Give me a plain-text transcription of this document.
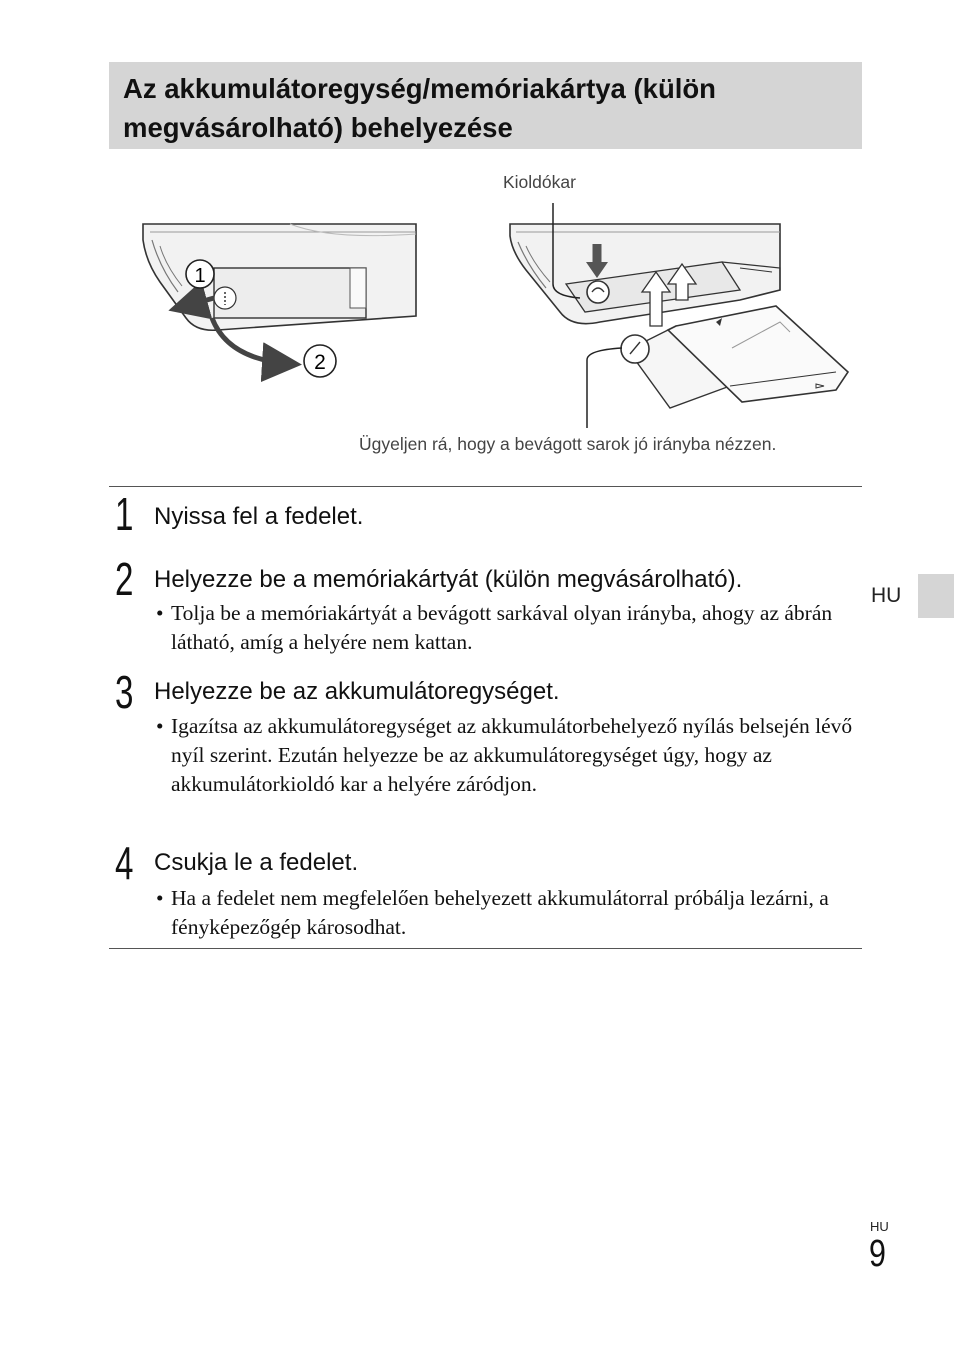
Az akkumulátoregység/memóriakártya (külön
megvásárolható) behelyezése
1
2
Kioldókar
Ügyeljen rá, hogy a bevágott sarok jó irányba nézzen.
1 Nyissa fel a fedelet.
2 Helyezze be a memóriakártyát (külön megvásárolható).
• Tolja be a memóriakártyát a bevágott sarkával olyan irányba, ahogy az ábrán látható, amíg a helyére nem kattan.
3 Helyezze be az akkumulátoregységet.
• Igazítsa az akkumulátoregységet az akkumulátorbehelyező nyílás belsején lévő nyíl szerint. Ezután helyezze be az akkumulátoregységet úgy, hogy az akkumulátorkioldó kar a helyére záródjon.
4 Csukja le a fedelet.
• Ha a fedelet nem megfelelően behelyezett akkumulátorral próbálja lezárni, a fényképezőgép károsodhat.
HU
HU
9
